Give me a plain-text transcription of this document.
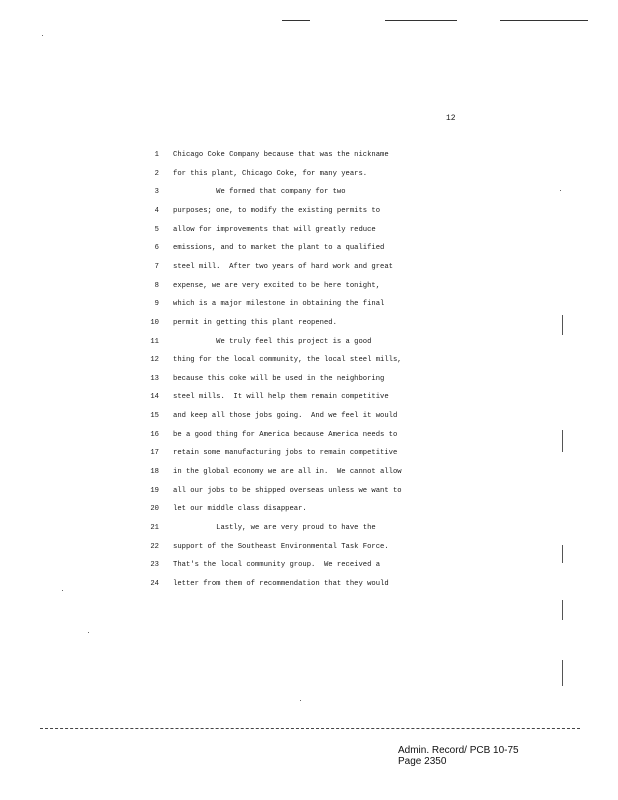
12
1 Chicago Coke Company because that was the nickname
2 for this plant, Chicago Coke, for many years.
3 We formed that company for two
4 purposes; one, to modify the existing permits to
5 allow for improvements that will greatly reduce
6 emissions, and to market the plant to a qualified
7 steel mill.  After two years of hard work and great
8 expense, we are very excited to be here tonight,
9 which is a major milestone in obtaining the final
10 permit in getting this plant reopened.
11 We truly feel this project is a good
12 thing for the local community, the local steel mills,
13 because this coke will be used in the neighboring
14 steel mills.  It will help them remain competitive
15 and keep all those jobs going.  And we feel it would
16 be a good thing for America because America needs to
17 retain some manufacturing jobs to remain competitive
18 in the global economy we are all in.  We cannot allow
19 all our jobs to be shipped overseas unless we want to
20 let our middle class disappear.
21 Lastly, we are very proud to have the
22 support of the Southeast Environmental Task Force.
23 That's the local community group.  We received a
24 letter from them of recommendation that they would
Admin. Record/ PCB 10-75
Page 2350
